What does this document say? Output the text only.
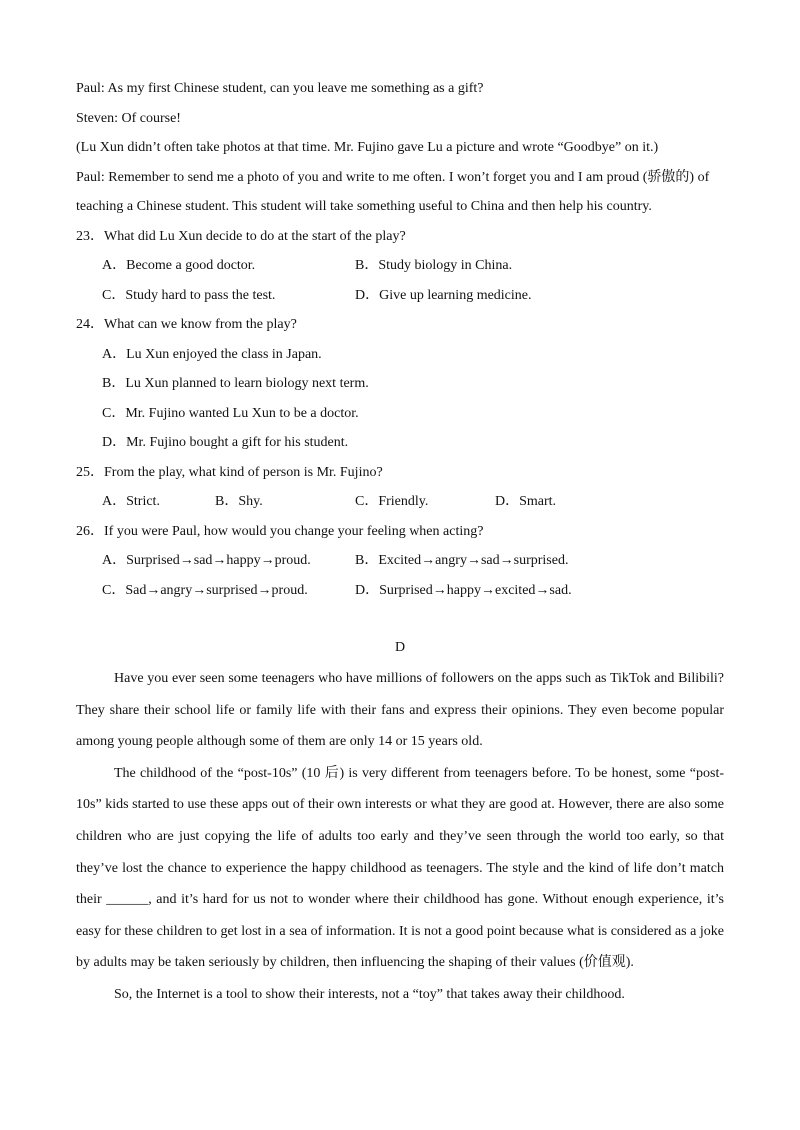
Paul: As my first Chinese student, can you leave me something as a gift?
Steven: Of course!
(Lu Xun didn’t often take photos at that time. Mr. Fujino gave Lu a picture and wrote “Goodbye” on it.)
Paul: Remember to send me a photo of you and write to me often. I won’t forget you and I am proud (骄傲的) of
teaching a Chinese student. This student will take something useful to China and then help his country.
23．What did Lu Xun decide to do at the start of the play?
A．Become a good doctor.	B．Study biology in China.
C．Study hard to pass the test.	D．Give up learning medicine.
24．What can we know from the play?
A．Lu Xun enjoyed the class in Japan.
B．Lu Xun planned to learn biology next term.
C．Mr. Fujino wanted Lu Xun to be a doctor.
D．Mr. Fujino bought a gift for his student.
25．From the play, what kind of person is Mr. Fujino?
A．Strict.	B．Shy.	C．Friendly.	D．Smart.
26．If you were Paul, how would you change your feeling when acting?
A．Surprised→sad→happy→proud.	B．Excited→angry→sad→surprised.
C．Sad→angry→surprised→proud.	D．Surprised→happy→excited→sad.
D

Have you ever seen some teenagers who have millions of followers on the apps such as TikTok and Bilibili? They share their school life or family life with their fans and express their opinions. They even become popular among young people although some of them are only 14 or 15 years old.

The childhood of the “post-10s” (10 后) is very different from teenagers before. To be honest, some “post-10s” kids started to use these apps out of their own interests or what they are good at. However, there are also some children who are just copying the life of adults too early and they’ve seen through the world too early, so that they’ve lost the chance to experience the happy childhood as teenagers. The style and the kind of life don’t match their ______, and it’s hard for us not to wonder where their childhood has gone. Without enough experience, it’s easy for these children to get lost in a sea of information. It is not a good point because what is considered as a joke by adults may be taken seriously by children, then influencing the shaping of their values (价值观).

So, the Internet is a tool to show their interests, not a “toy” that takes away their childhood.
